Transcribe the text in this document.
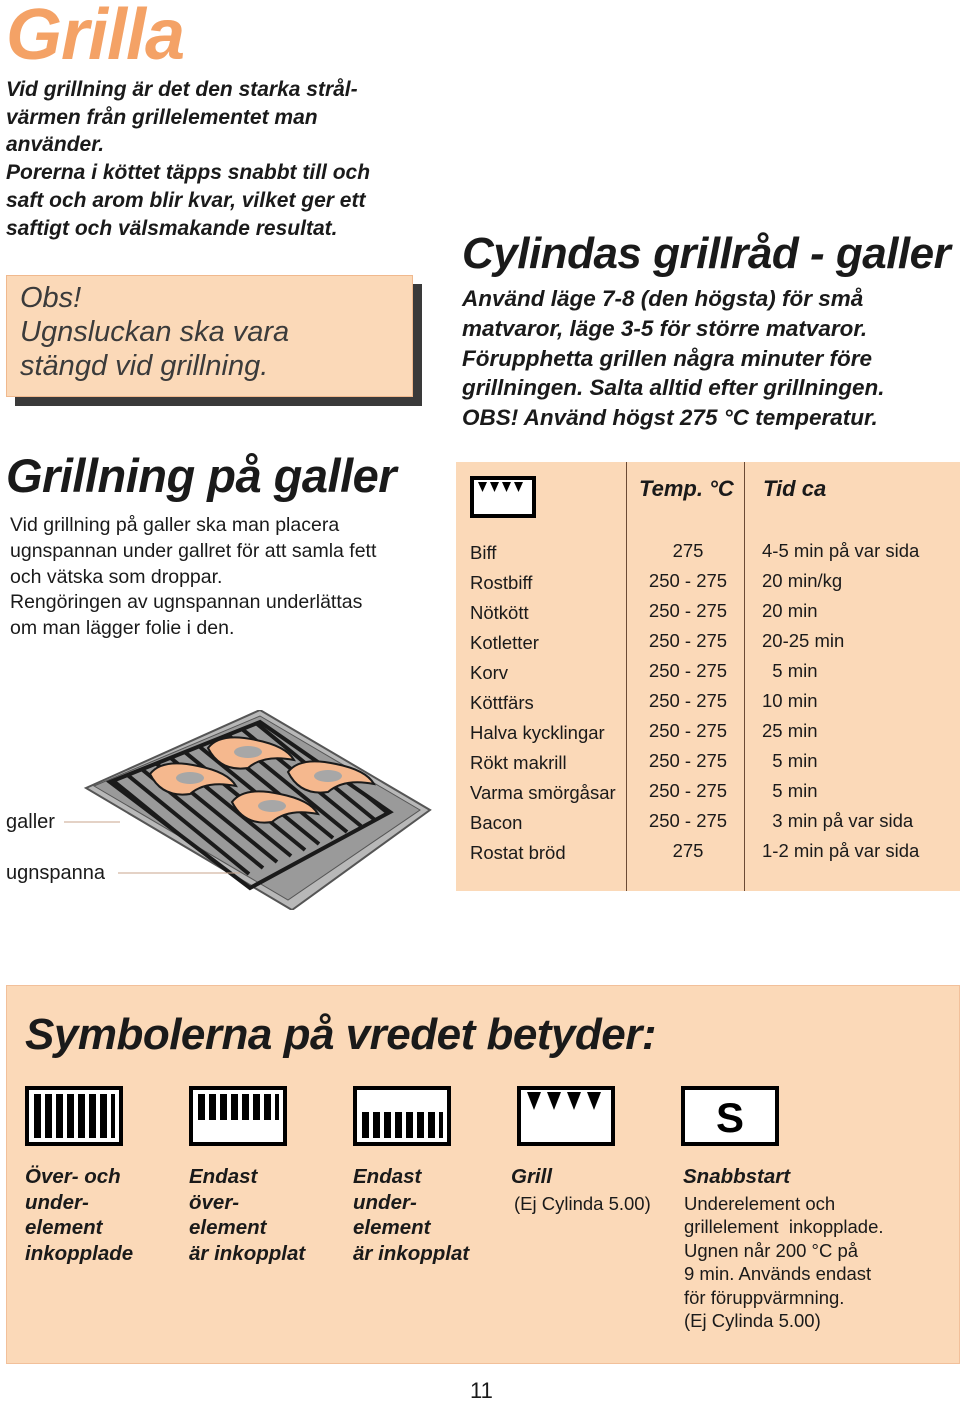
Grilla
Vid grillning är det den starka strål-
värmen från grillelementet man
använder.
Porerna i köttet täpps snabbt till och
saft och arom blir kvar, vilket ger ett
saftigt och välsmakande resultat.
Obs!
Ugnsluckan ska vara
stängd vid grillning.
Grillning på galler
Vid grillning på galler ska man placera
ugnspannan under gallret för att samla fett
och vätska som droppar.
Rengöringen av ugnspannan underlättas
om man lägger folie i den.
galler
ugnspanna
Cylindas grillråd - galler
Använd läge 7-8 (den högsta) för små
matvaror, läge 3-5 för större matvaror.
Förupphetta grillen några minuter före
grillningen. Salta alltid efter grillningen.
OBS! Använd högst 275 °C temperatur.
Temp. °C Tid ca
Biff	275	4-5 min på var sida
Rostbiff	250 - 275	20 min/kg
Nötkött	250 - 275	20 min
Kotletter	250 - 275	20-25 min
Korv	250 - 275	5 min
Köttfärs	250 - 275	10 min
Halva kycklingar	250 - 275	25 min
Rökt makrill	250 - 275	5 min
Varma smörgåsar	250 - 275	5 min
Bacon	250 - 275	3 min på var sida
Rostat bröd	275	1-2 min på var sida
Symbolerna på vredet betyder:
S
Över- och
under-
element
inkopplade
Endast
över-
element
är inkopplat
Endast
under-
element
är inkopplat
Grill
(Ej Cylinda 5.00)
Snabbstart
Underelement och
grillelement  inkopplade.
Ugnen når 200 °C på
9 min. Används endast
för föruppvärmning.
(Ej Cylinda 5.00)
11
